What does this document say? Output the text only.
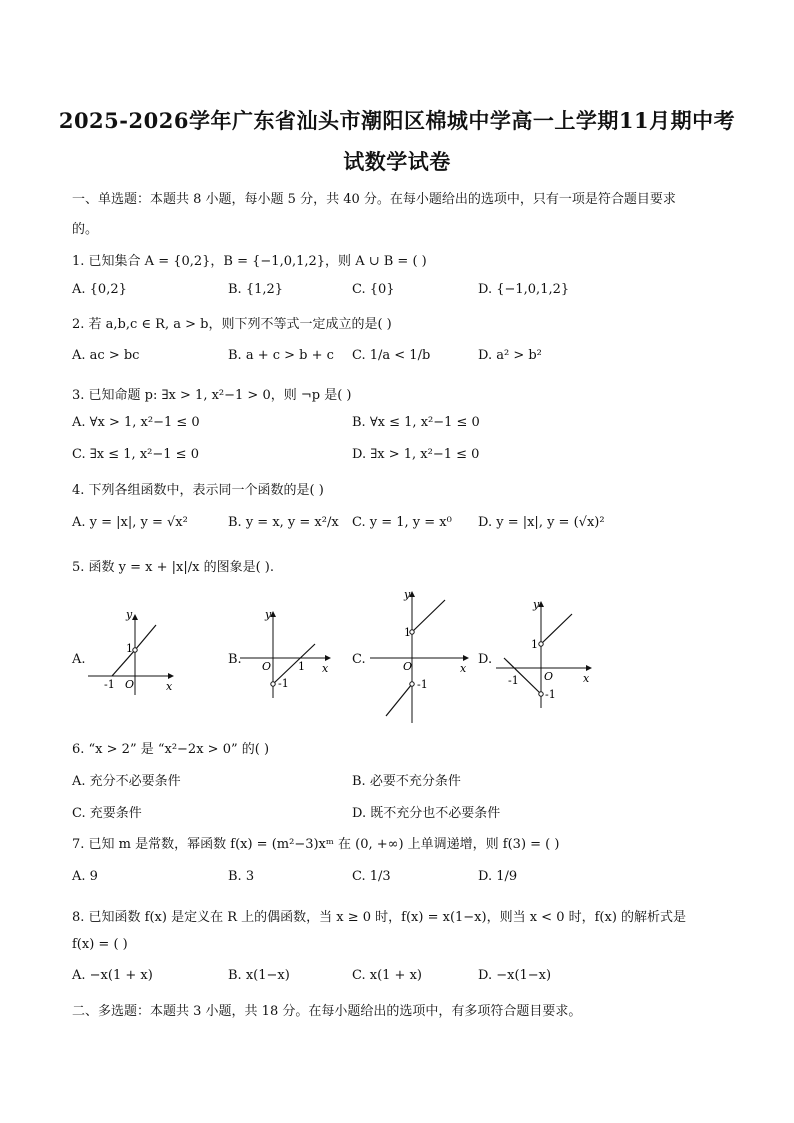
2025-2026学年广东省汕头市潮阳区棉城中学高一上学期11月期中考
试数学试卷
一、单选题：本题共 8 小题，每小题 5 分，共 40 分。在每小题给出的选项中，只有一项是符合题目要求
的。
1. 已知集合 A = {0,2}，B = {−1,0,1,2}，则 A ∪ B = ( )
A. {0,2}	B. {1,2}	C. {0}	D. {−1,0,1,2}
2. 若 a,b,c ∈ R, a > b，则下列不等式一定成立的是( )
A. ac > bc	B. a + c > b + c C. 1/a < 1/b	D. a² > b²
3. 已知命题 p: ∃x > 1, x²−1 > 0，则 ¬p 是( )
A. ∀x > 1, x²−1 ≤ 0	B. ∀x ≤ 1, x²−1 ≤ 0
C. ∃x ≤ 1, x²−1 ≤ 0	D. ∃x > 1, x²−1 ≤ 0
4. 下列各组函数中，表示同一个函数的是( )
A. y = |x|, y = √x²	B. y = x, y = x²/x C. y = 1, y = x⁰ D. y = |x|, y = (√x)²
5. 函数 y = x + |x|/x 的图象是( ).
A.
y
x
O
1
-1
B.
y
x
O 1
-1
C.
y
x
O
1
-1
D.
y
x
O
1
-1
-1
6. “x > 2” 是 “x²−2x > 0” 的( )
A. 充分不必要条件	B. 必要不充分条件
C. 充要条件	D. 既不充分也不必要条件
7. 已知 m 是常数，幂函数 f(x) = (m²−3)xᵐ 在 (0, +∞) 上单调递增，则 f(3) = ( )
A. 9	B. 3	C. 1/3	D. 1/9
8. 已知函数 f(x) 是定义在 R 上的偶函数，当 x ≥ 0 时，f(x) = x(1−x)，则当 x < 0 时，f(x) 的解析式是
f(x) = ( )
A. −x(1 + x)	B. x(1−x)	C. x(1 + x)	D. −x(1−x)
二、多选题：本题共 3 小题，共 18 分。在每小题给出的选项中，有多项符合题目要求。
